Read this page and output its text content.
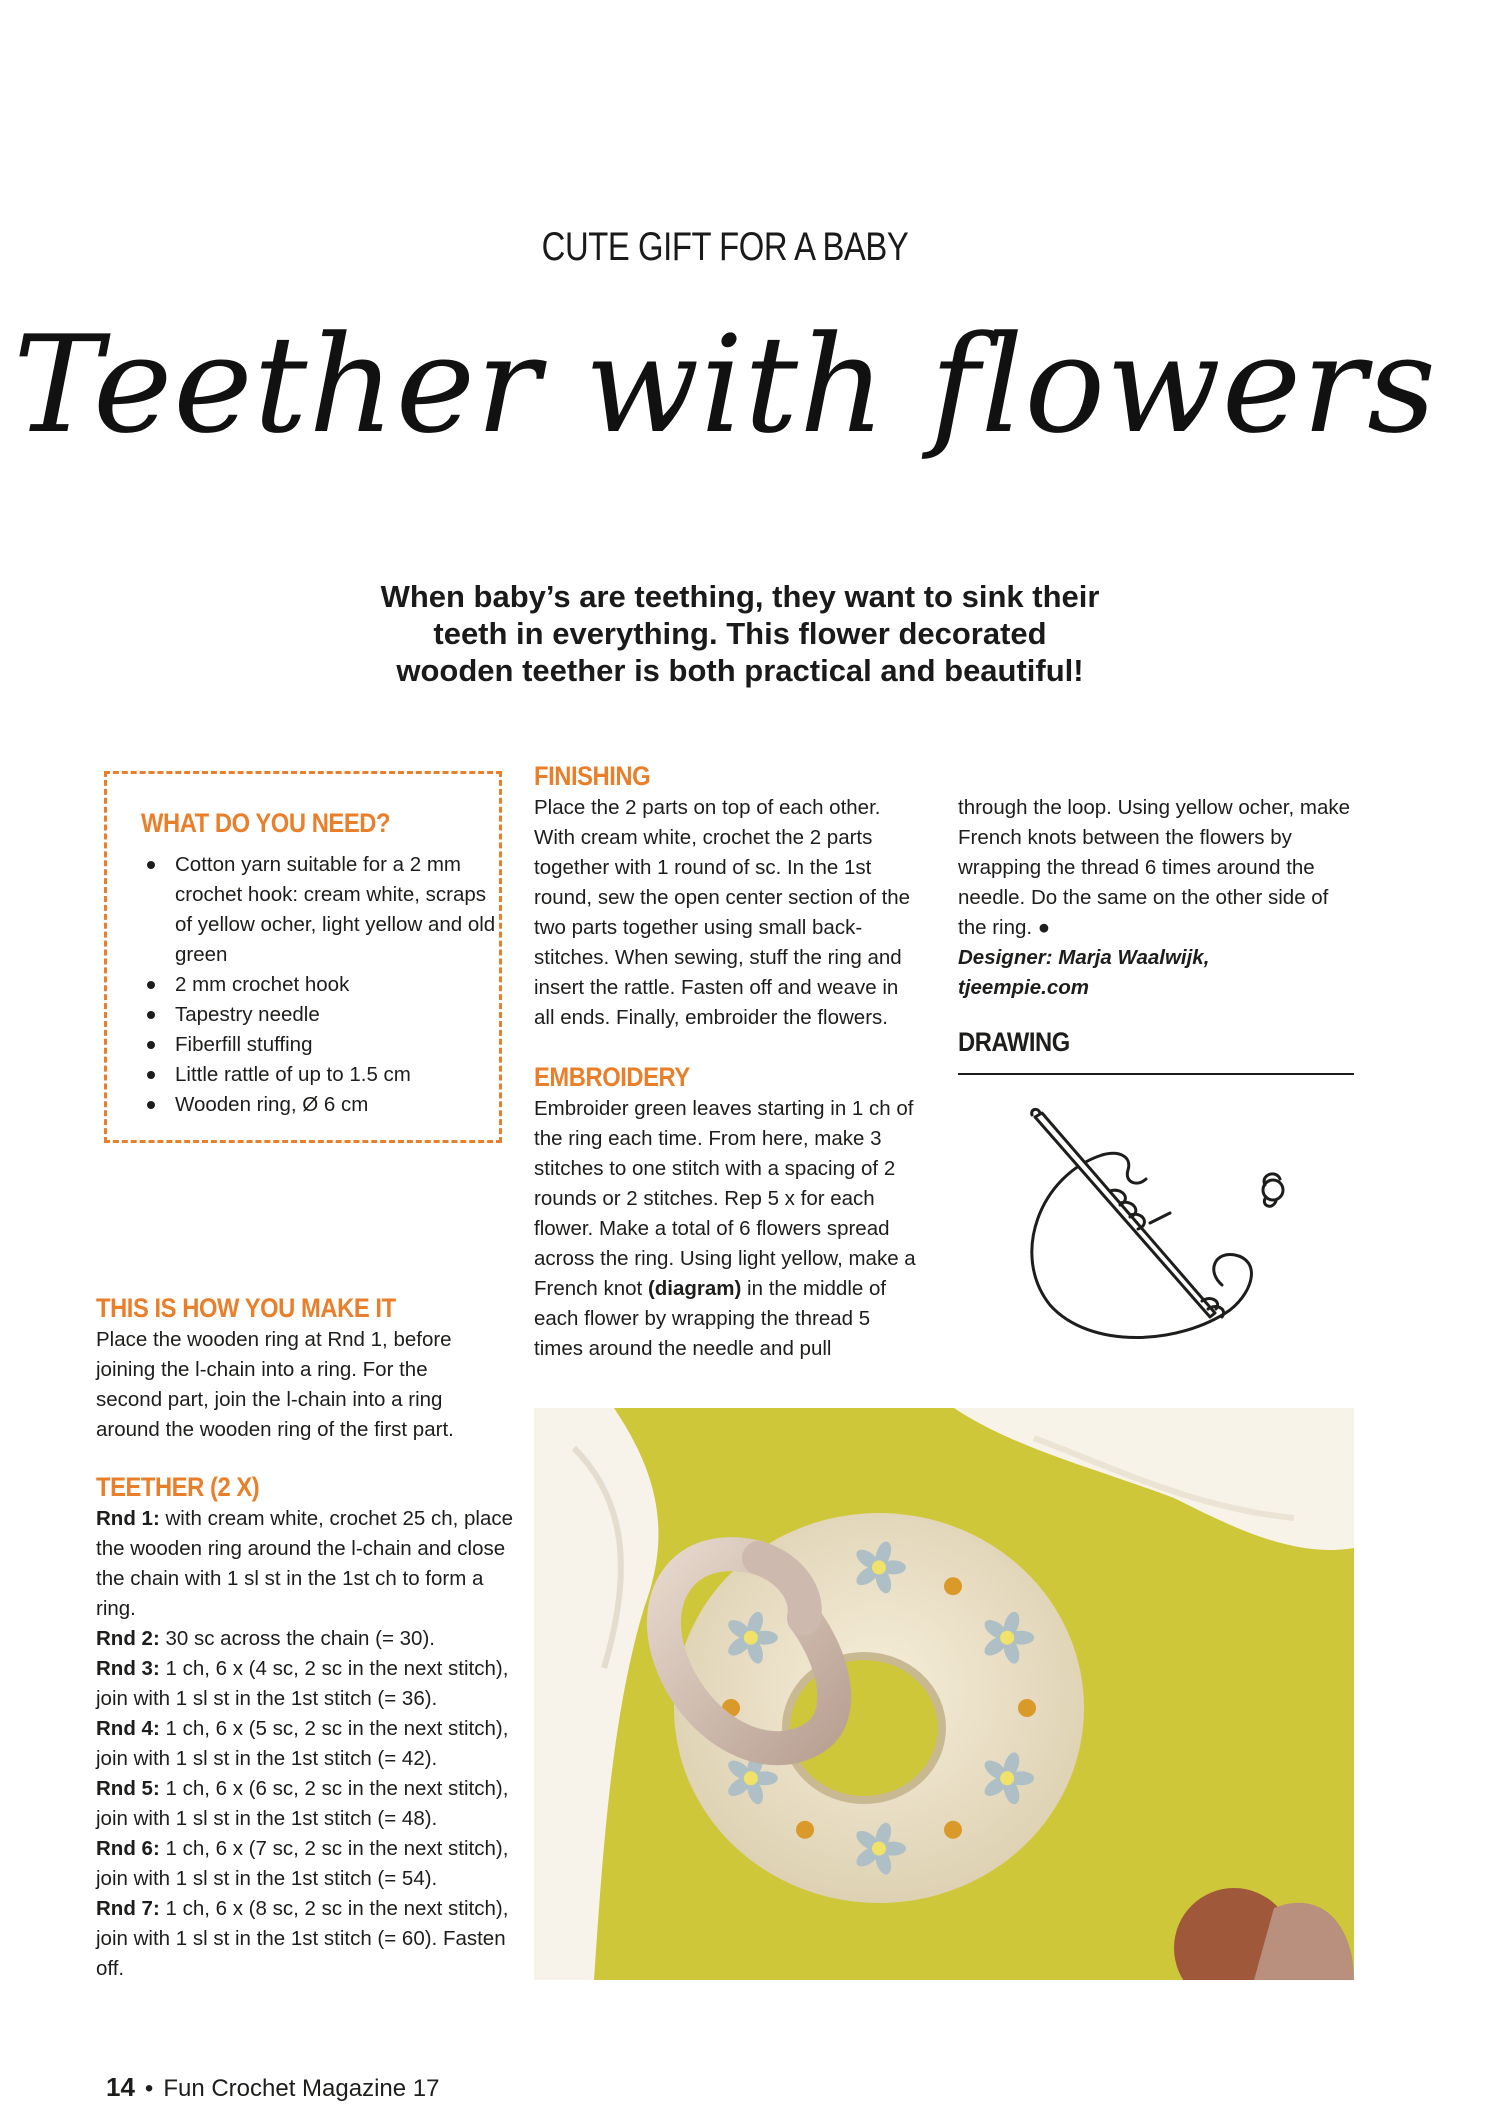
CUTE GIFT FOR A BABY
Teether with flowers
When baby’s are teething, they want to sink their
teeth in everything. This flower decorated
wooden teether is both practical and beautiful!
WHAT DO YOU NEED?
Cotton yarn suitable for a 2 mm crochet hook: cream white, scraps of yellow ocher, light yellow and old green
2 mm crochet hook
Tapestry needle
Fiberfill stuffing
Little rattle of up to 1.5 cm
Wooden ring, Ø 6 cm
THIS IS HOW YOU MAKE IT

Place the wooden ring at Rnd 1, before joining the l-chain into a ring. For the second part, join the l-chain into a ring around the wooden ring of the first part.

TEETHER (2 X)

Rnd 1: with cream white, crochet 25 ch, place the wooden ring around the l-chain and close the chain with 1 sl st in the 1st ch to form a ring.

Rnd 2: 30 sc across the chain (= 30).

Rnd 3: 1 ch, 6 x (4 sc, 2 sc in the next stitch), join with 1 sl st in the 1st stitch (= 36).

Rnd 4: 1 ch, 6 x (5 sc, 2 sc in the next stitch), join with 1 sl st in the 1st stitch (= 42).

Rnd 5: 1 ch, 6 x (6 sc, 2 sc in the next stitch), join with 1 sl st in the 1st stitch (= 48).

Rnd 6: 1 ch, 6 x (7 sc, 2 sc in the next stitch), join with 1 sl st in the 1st stitch (= 54).

Rnd 7: 1 ch, 6 x (8 sc, 2 sc in the next stitch), join with 1 sl st in the 1st stitch (= 60). Fasten off.

FINISHING

Place the 2 parts on top of each other. With cream white, crochet the 2 parts together with 1 round of sc. In the 1st round, sew the open center section of the two parts together using small back-stitches. When sewing, stuff the ring and insert the rattle. Fasten off and weave in all ends. Finally, embroider the flowers.

EMBROIDERY

Embroider green leaves starting in 1 ch of the ring each time. From here, make 3 stitches to one stitch with a spacing of 2 rounds or 2 stitches. Rep 5 x for each flower. Make a total of 6 flowers spread across the ring. Using light yellow, make a French knot (diagram) in the middle of each flower by wrapping the thread 5 times around the needle and pull

through the loop. Using yellow ocher, make French knots between the flowers by wrapping the thread 6 times around the needle. Do the same on the other side of the ring. ●

Designer: Marja Waalwijk,
tjeempie.com

DRAWING
14 • Fun Crochet Magazine 17
